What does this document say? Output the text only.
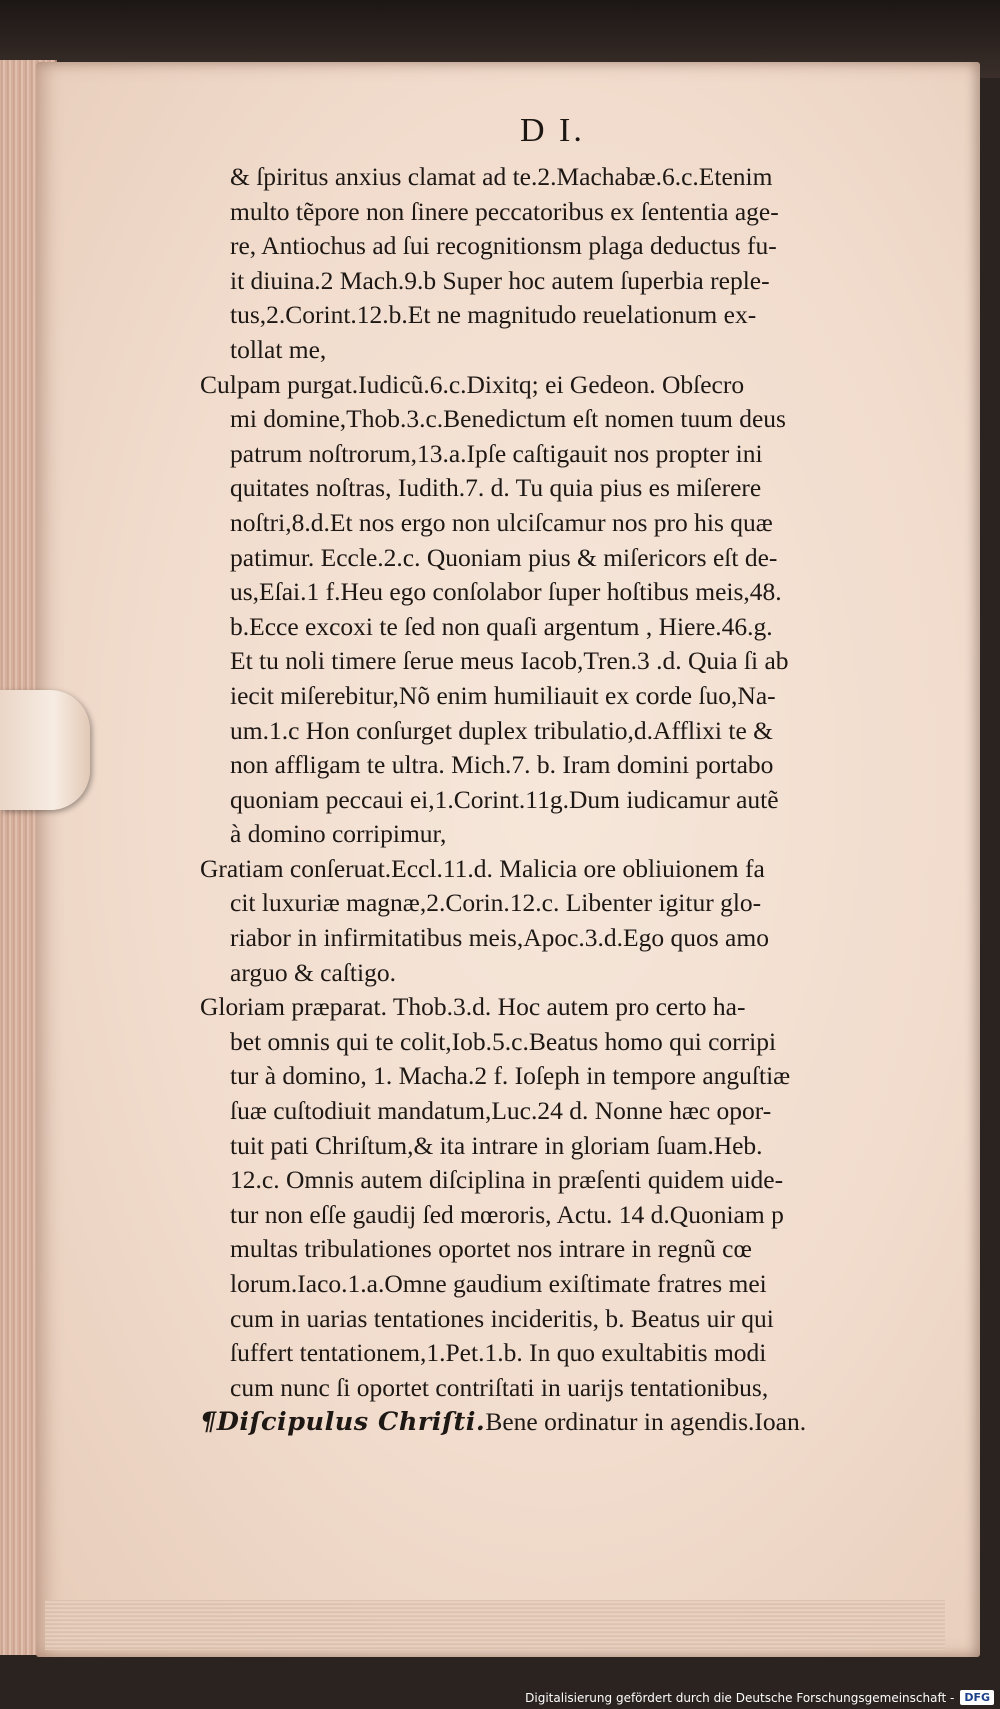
D I.

& ſpiritus anxius clamat ad te.2.Machabæ.6.c.Etenim
multo tẽpore non ſinere peccatoribus ex ſententia age-
re, Antiochus ad ſui recognitionsm plaga deductus fu-
it diuina.2 Mach.9.b Super hoc autem ſuperbia reple-
tus,2.Corint.12.b.Et ne magnitudo reuelationum ex-
tollat me,

Culpam purgat.Iudicũ.6.c.Dixitq; ei Gedeon. Obſecro
mi domine,Thob.3.c.Benedictum eſt nomen tuum deus
patrum noſtrorum,13.a.Ipſe caſtigauit nos propter ini
quitates noſtras, Iudith.7. d. Tu quia pius es miſerere
noſtri,8.d.Et nos ergo non ulciſcamur nos pro his quæ
patimur. Eccle.2.c. Quoniam pius & miſericors eſt de-
us,Eſai.1 f.Heu ego conſolabor ſuper hoſtibus meis,48.
b.Ecce excoxi te ſed non quaſi argentum , Hiere.46.g.
Et tu noli timere ſerue meus Iacob,Tren.3 .d. Quia ſi ab
iecit miſerebitur,Nõ enim humiliauit ex corde ſuo,Na-
um.1.c Hon conſurget duplex tribulatio,d.Afflixi te &
non affligam te ultra. Mich.7. b. Iram domini portabo
quoniam peccaui ei,1.Corint.11g.Dum iudicamur autẽ
à domino corripimur,

Gratiam conſeruat.Eccl.11.d. Malicia ore obliuionem fa
cit luxuriæ magnæ,2.Corin.12.c. Libenter igitur glo-
riabor in infirmitatibus meis,Apoc.3.d.Ego quos amo
arguo & caſtigo.

Gloriam præparat. Thob.3.d. Hoc autem pro certo ha-
bet omnis qui te colit,Iob.5.c.Beatus homo qui corripi
tur à domino, 1. Macha.2 f. Ioſeph in tempore anguſtiæ
ſuæ cuſtodiuit mandatum,Luc.24 d. Nonne hæc opor-
tuit pati Chriſtum,& ita intrare in gloriam ſuam.Heb.
12.c. Omnis autem diſciplina in præſenti quidem uide-
tur non eſſe gaudij ſed mœroris, Actu. 14 d.Quoniam p
multas tribulationes oportet nos intrare in regnũ cœ
lorum.Iaco.1.a.Omne gaudium exiſtimate fratres mei
cum in uarias tentationes incideritis, b. Beatus uir qui
ſuffert tentationem,1.Pet.1.b. In quo exultabitis modi
cum nunc ſi oportet contriſtati in uarijs tentationibus,

¶Diſcipulus Chriſti.Bene ordinatur in agendis.Ioan.

Digitalisierung gefördert durch die Deutsche Forschungsgemeinschaft - DFG
